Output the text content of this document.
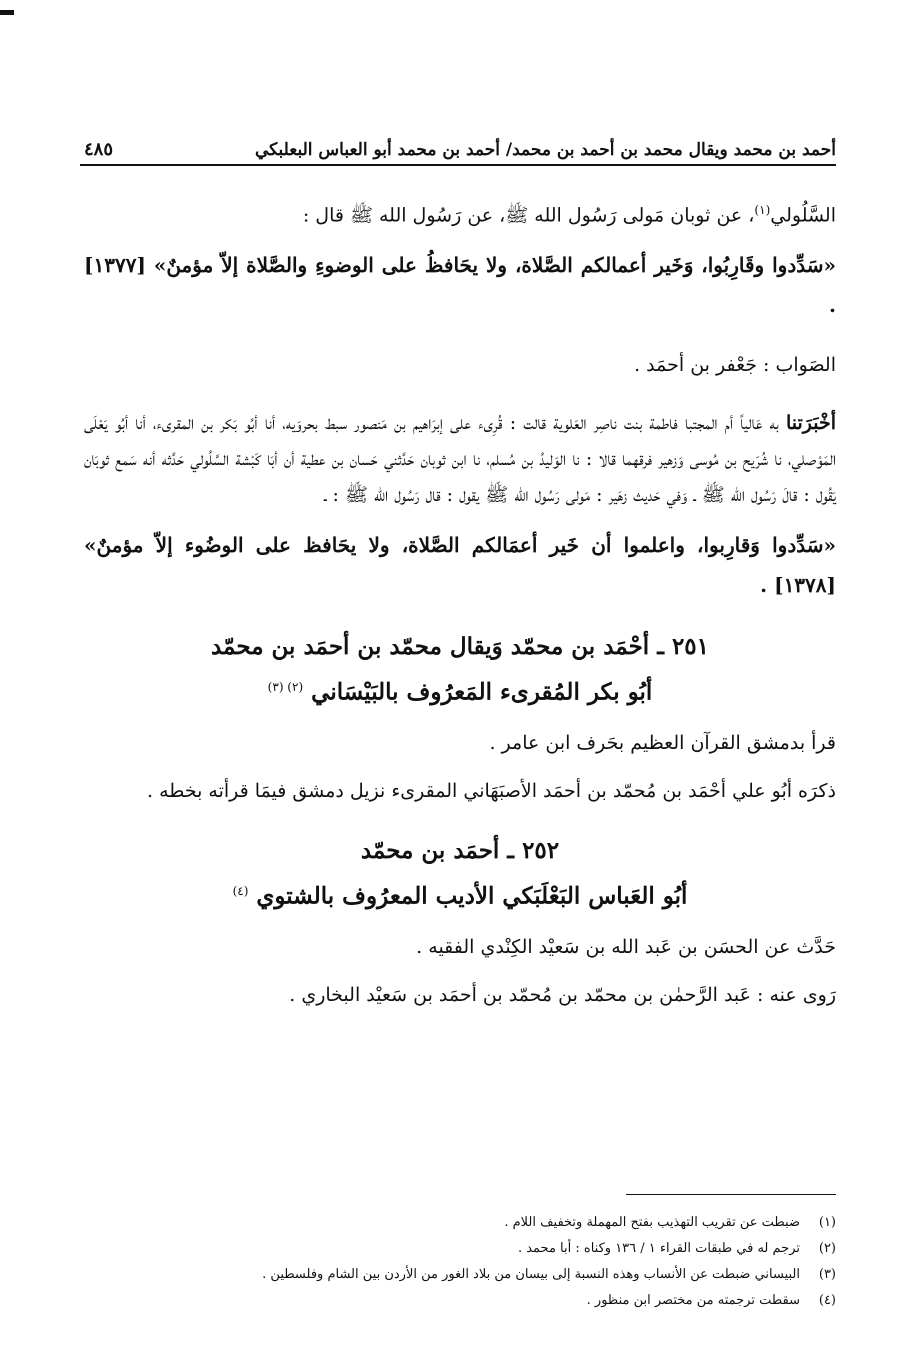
أحمد بن محمد ويقال محمد بن أحمد بن محمد/ أحمد بن محمد أبو العباس البعلبكي
٤٨٥

السَّلُولي$^{(١)}$، عن ثوبان مَولى رَسُول الله ﷺ، عن رَسُول الله ﷺ قال :

«سَدِّدوا وقَارِبُوا، وَخَير أعمالكم الصَّلاة، ولا يحَافظُ على الوضوءِ والصَّلاة إلاّ مؤمنٌ» [١٣٧٧] .

الصَواب : جَعْفر بن أحمَد .

أخْبَرَتنا به عَالياً أم المجتبا فاطمة بنت ناصِر العَلوية قالت : قُرِىء على إبرَاهيم بن مَنصور سبط بحروَيه، أنا أبُو بَكر بن المقرىء، أنا أبُو يَعْلَى المَوْصلي، نا شُرَيح بن مُوسى وَزهير فرقهما قالا : نا الوَليدُ بن مُسلم، نا ابن ثوبان حَدَّثني حَسان بن عطية أن أبَا كَبْشة السَّلُولي حَدَّثه أنه سَمع ثوبَان يَقُول : قالَ رَسُول الله ﷺ ـ وَفي حَديث زهَير : مَولى رَسُول الله ﷺ يقول : قال رَسُول الله ﷺ : ـ

«سَدِّدوا وَقارِبوا، واعلموا أن خَير أعمَالكم الصَّلاة، ولا يحَافظ على الوضُوء إلاّ مؤمنٌ» [١٣٧٨] .

٢٥١ ـ أحْمَد بن محمّد وَيقال محمّد بن أحمَد بن محمّد

أبُو بكر المُقرىء المَعرُوف بالبَيْسَاني $^{(٢) (٣)}$

قرأ بدمشق القرآن العظيم بحَرف ابن عامر .

ذكرَه أبُو علي أحْمَد بن مُحمّد بن أحمَد الأصبَهَاني المقرىء نزيل دمشق فيمَا قرأته بخطه .

٢٥٢ ـ أحمَد بن محمّد

أبُو العَباس البَعْلَبَكي الأديب المعرُوف بالشتوي $^{(٤)}$

حَدَّث عن الحسَن بن عَبد الله بن سَعيْد الكِنْدي الفقيه .

رَوى عنه : عَبد الرَّحمٰن بن محمّد بن مُحمّد بن أحمَد بن سَعيْد البخاري .

(١)
ضبطت عن تقريب التهذيب بفتح المهملة وتخفيف اللام .
(٢)
ترجم له في طبقات القراء ١ / ١٣٦ وكناه : أبا محمد .
(٣)
البيساني ضبطت عن الأنساب وهذه النسبة إلى بيسان من بلاد الغور من الأردن بين الشام وفلسطين .
(٤)
سقطت ترجمته من مختصر ابن منظور .
